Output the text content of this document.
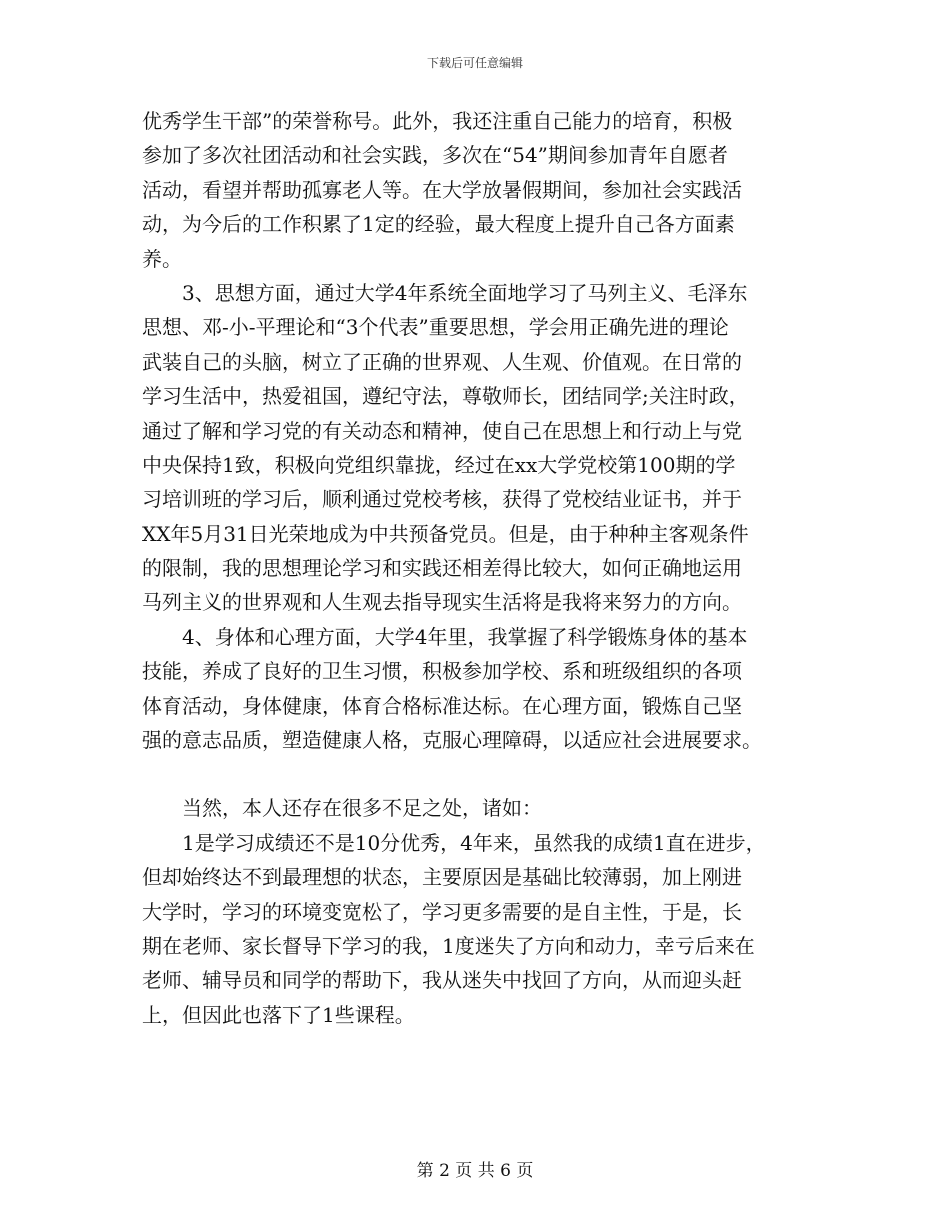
下载后可任意编辑
优秀学生干部”的荣誉称号。此外，我还注重自己能力的培育，积极
参加了多次社团活动和社会实践，多次在“54”期间参加青年自愿者
活动，看望并帮助孤寡老人等。在大学放暑假期间，参加社会实践活
动，为今后的工作积累了1定的经验，最大程度上提升自己各方面素
养。
　　3、思想方面，通过大学4年系统全面地学习了马列主义、毛泽东
思想、邓-小-平理论和“3个代表”重要思想，学会用正确先进的理论
武装自己的头脑，树立了正确的世界观、人生观、价值观。在日常的
学习生活中，热爱祖国，遵纪守法，尊敬师长，团结同学;关注时政，
通过了解和学习党的有关动态和精神，使自己在思想上和行动上与党
中央保持1致，积极向党组织靠拢，经过在xx大学党校第100期的学
习培训班的学习后，顺利通过党校考核，获得了党校结业证书，并于
XX年5月31日光荣地成为中共预备党员。但是，由于种种主客观条件
的限制，我的思想理论学习和实践还相差得比较大，如何正确地运用
马列主义的世界观和人生观去指导现实生活将是我将来努力的方向。
　　4、身体和心理方面，大学4年里，我掌握了科学锻炼身体的基本
技能，养成了良好的卫生习惯，积极参加学校、系和班级组织的各项
体育活动，身体健康，体育合格标准达标。在心理方面，锻炼自己坚
强的意志品质，塑造健康人格，克服心理障碍，以适应社会进展要求。
　　当然，本人还存在很多不足之处，诸如：
　　1是学习成绩还不是10分优秀，4年来，虽然我的成绩1直在进步，
但却始终达不到最理想的状态，主要原因是基础比较薄弱，加上刚进
大学时，学习的环境变宽松了，学习更多需要的是自主性，于是，长
期在老师、家长督导下学习的我，1度迷失了方向和动力，幸亏后来在
老师、辅导员和同学的帮助下，我从迷失中找回了方向，从而迎头赶
上，但因此也落下了1些课程。
第 2 页 共 6 页
